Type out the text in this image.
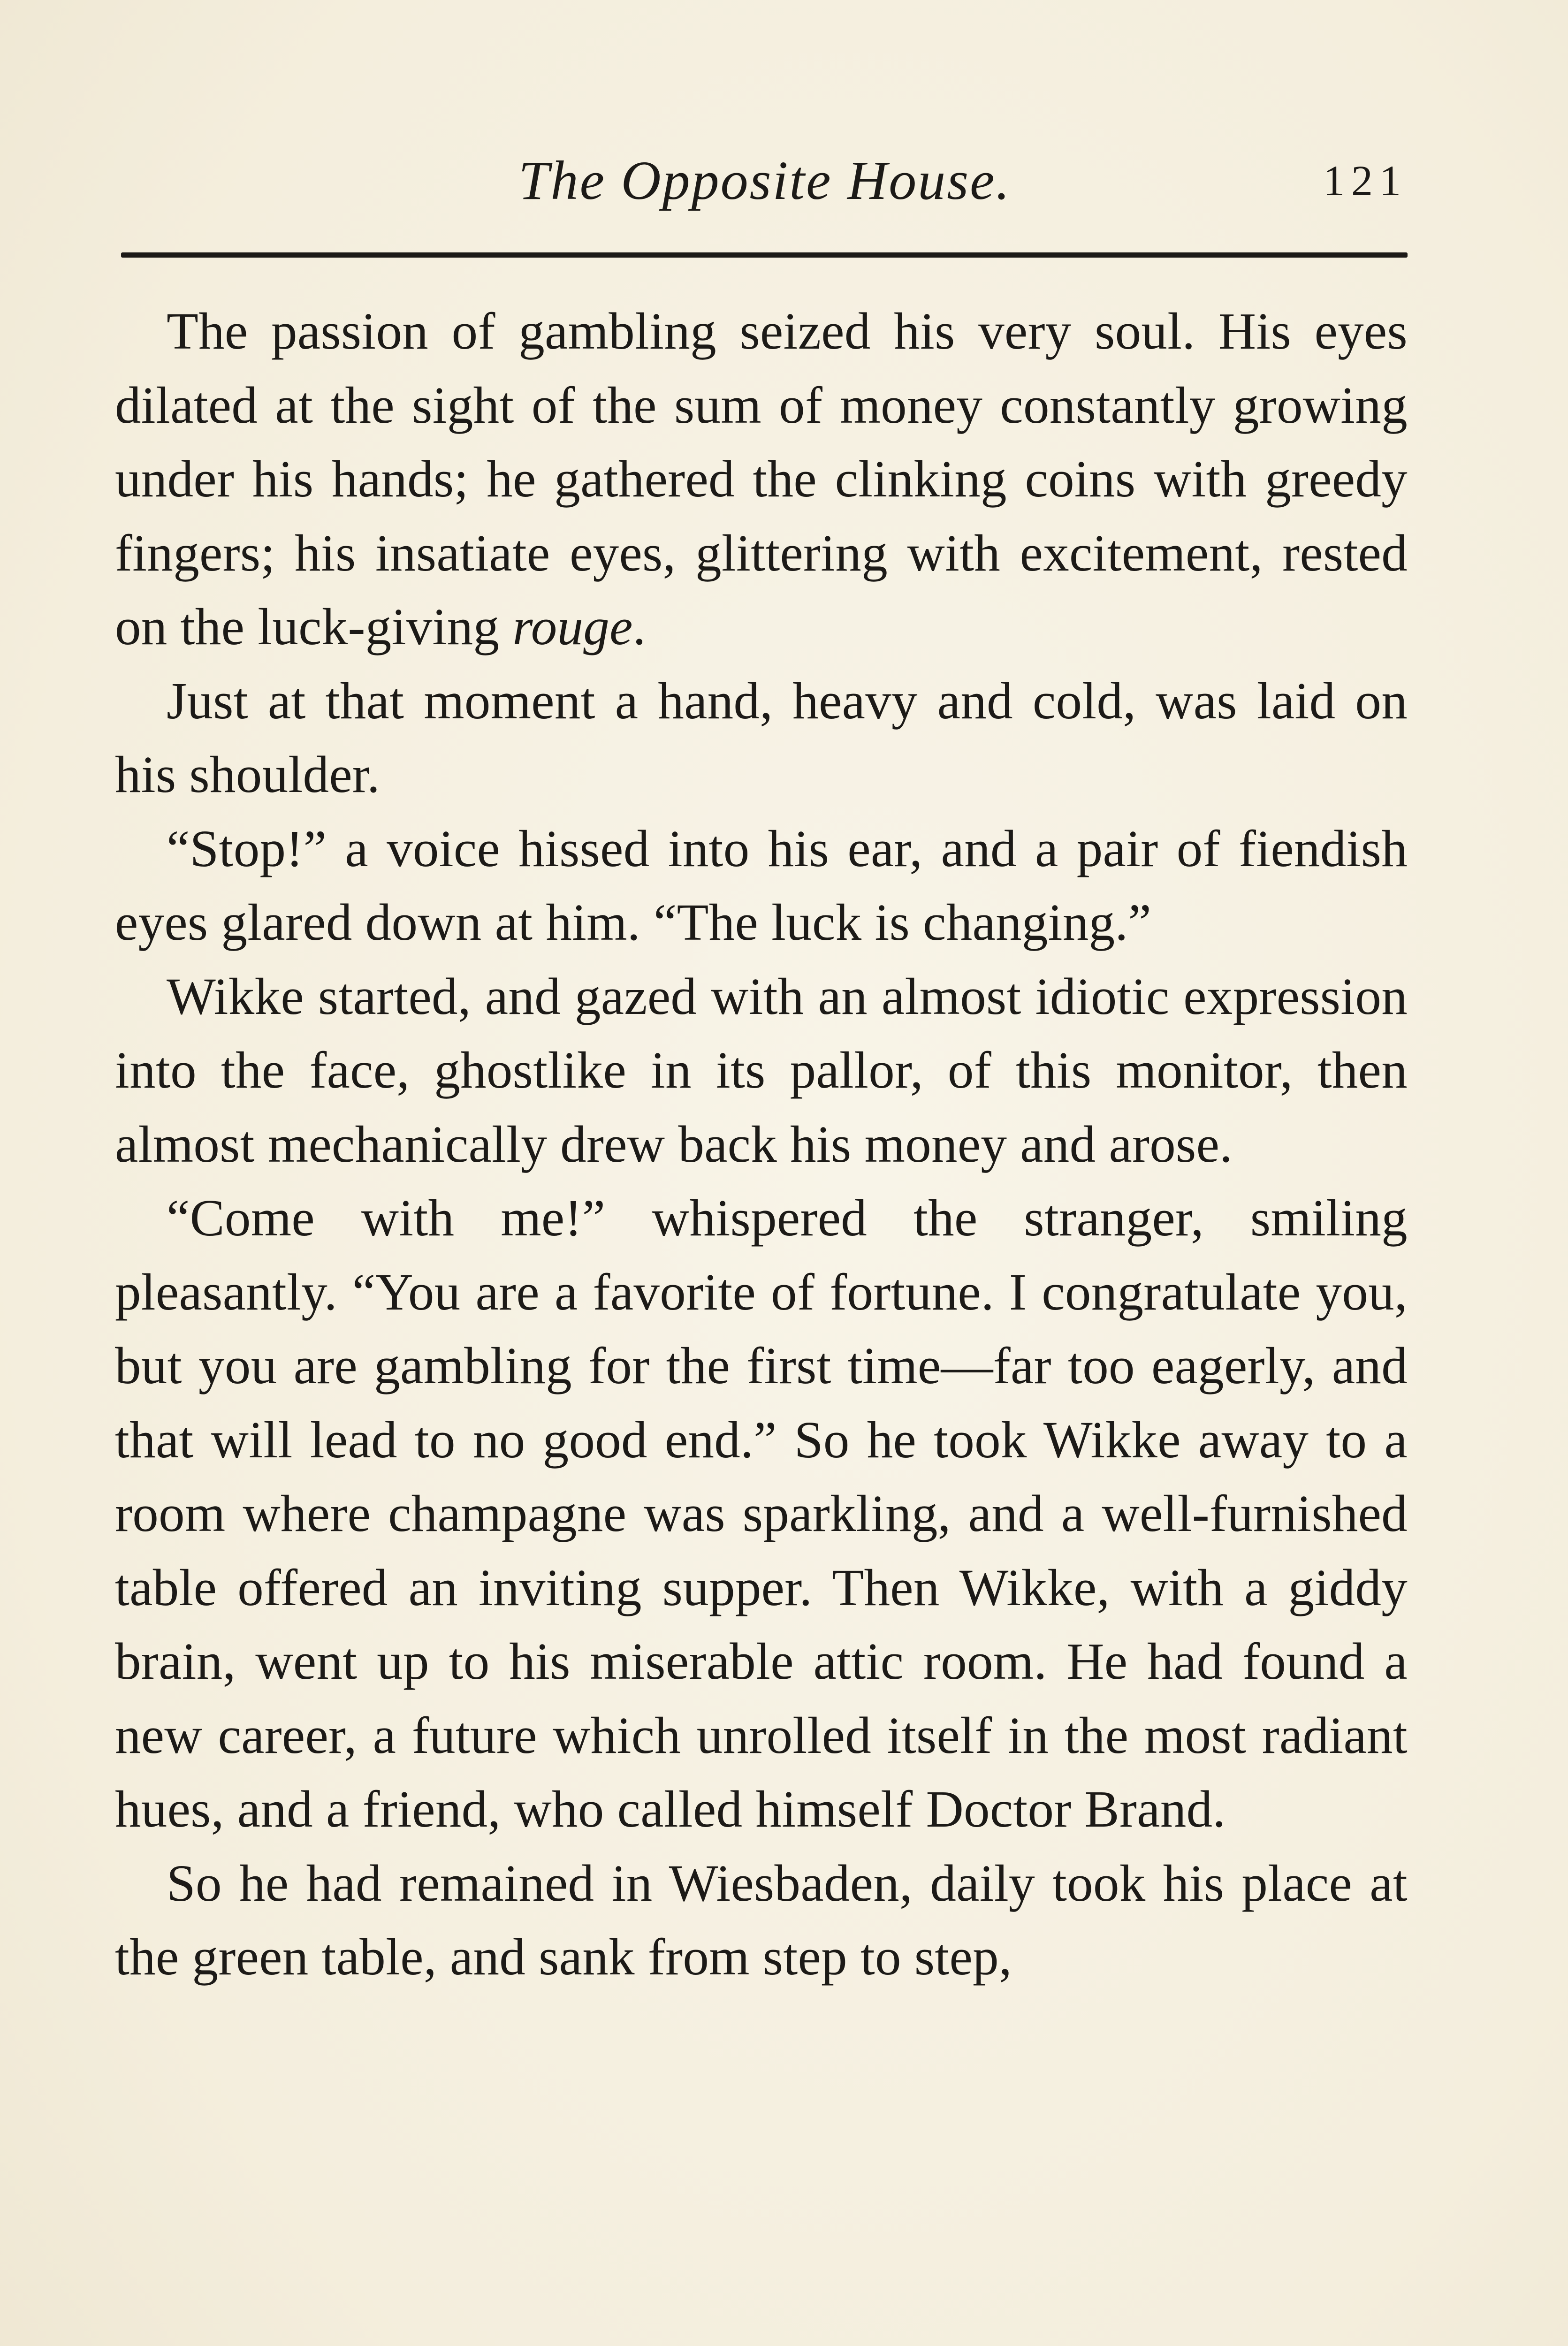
The Opposite House.	121

The passion of gambling seized his very soul. His eyes dilated at the sight of the sum of money constantly growing under his hands; he gathered the clinking coins with greedy fingers; his insatiate eyes, glittering with excitement, rested on the luck-giving rouge.

Just at that moment a hand, heavy and cold, was laid on his shoulder.

“Stop!” a voice hissed into his ear, and a pair of fiendish eyes glared down at him. “The luck is changing.”

Wikke started, and gazed with an almost idiotic expression into the face, ghostlike in its pallor, of this monitor, then almost mechanically drew back his money and arose.

“Come with me!” whispered the stranger, smiling pleasantly. “You are a favorite of fortune. I congratulate you, but you are gambling for the first time—far too eagerly, and that will lead to no good end.” So he took Wikke away to a room where champagne was sparkling, and a well-furnished table offered an inviting supper. Then Wikke, with a giddy brain, went up to his miserable attic room. He had found a new career, a future which unrolled itself in the most radiant hues, and a friend, who called himself Doctor Brand.

So he had remained in Wiesbaden, daily took his place at the green table, and sank from step to step,
